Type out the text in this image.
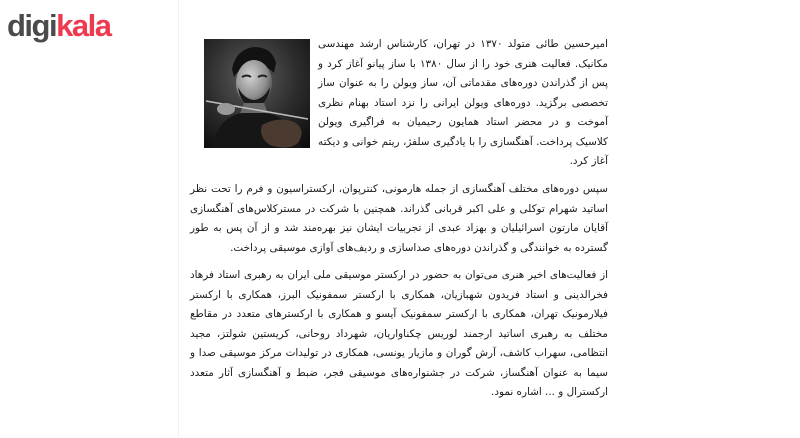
digikala
امیرحسین طائی متولد ۱۳۷۰ در تهران، کارشناس ارشد مهندسی مکانیک. فعالیت هنری خود را از سال ۱۳۸۰ با ساز پیانو آغاز کرد و پس از گذراندن دوره‌های مقدماتی آن، ساز ویولن را به عنوان ساز تخصصی برگزید. دوره‌های ویولن ایرانی را نزد استاد بهنام نظری آموخت و در محضر استاد همایون رحیمیان به فراگیری ویولن کلاسیک پرداخت. آهنگسازی را با یادگیری سلفژ، ریتم خوانی و دیکته آغاز کرد.
سپس دوره‌های مختلف آهنگسازی از جمله هارمونی، کنترپوان، ارکستراسیون و فرم را تحت نظر اساتید شهرام توکلی و علی اکبر قربانی گذراند. همچنین با شرکت در مسترکلاس‌های آهنگسازی آقایان مارتون اسرائیلیان و بهزاد عبدی از تجربیات ایشان نیز بهره‌مند شد و از آن پس به طور گسترده به خوانندگی و گذراندن دوره‌های صداسازی و ردیف‌های آوازی موسیقی پرداخت.
از فعالیت‌های اخیر هنری می‌توان به حضور در ارکستر موسیقی ملی ایران به رهبری استاد فرهاد فخرالدینی و استاد فریدون شهبازیان، همکاری با ارکستر سمفونیک البرز، همکاری با ارکستر فیلارمونیک تهران، همکاری با ارکستر سمفونیک آیسو و همکاری با ارکسترهای متعدد در مقاطع مختلف به رهبری اساتید ارجمند لوریس چکناواریان، شهرداد روحانی، کریستین شولتز، مجید انتظامی، سهراب کاشف، آرش گوران و مازیار یونسی، همکاری در تولیدات مرکز موسیقی صدا و سیما به عنوان آهنگساز، شرکت در جشنواره‌های موسیقی فجر، ضبط و آهنگسازی آثار متعدد ارکسترال و ... اشاره نمود.
